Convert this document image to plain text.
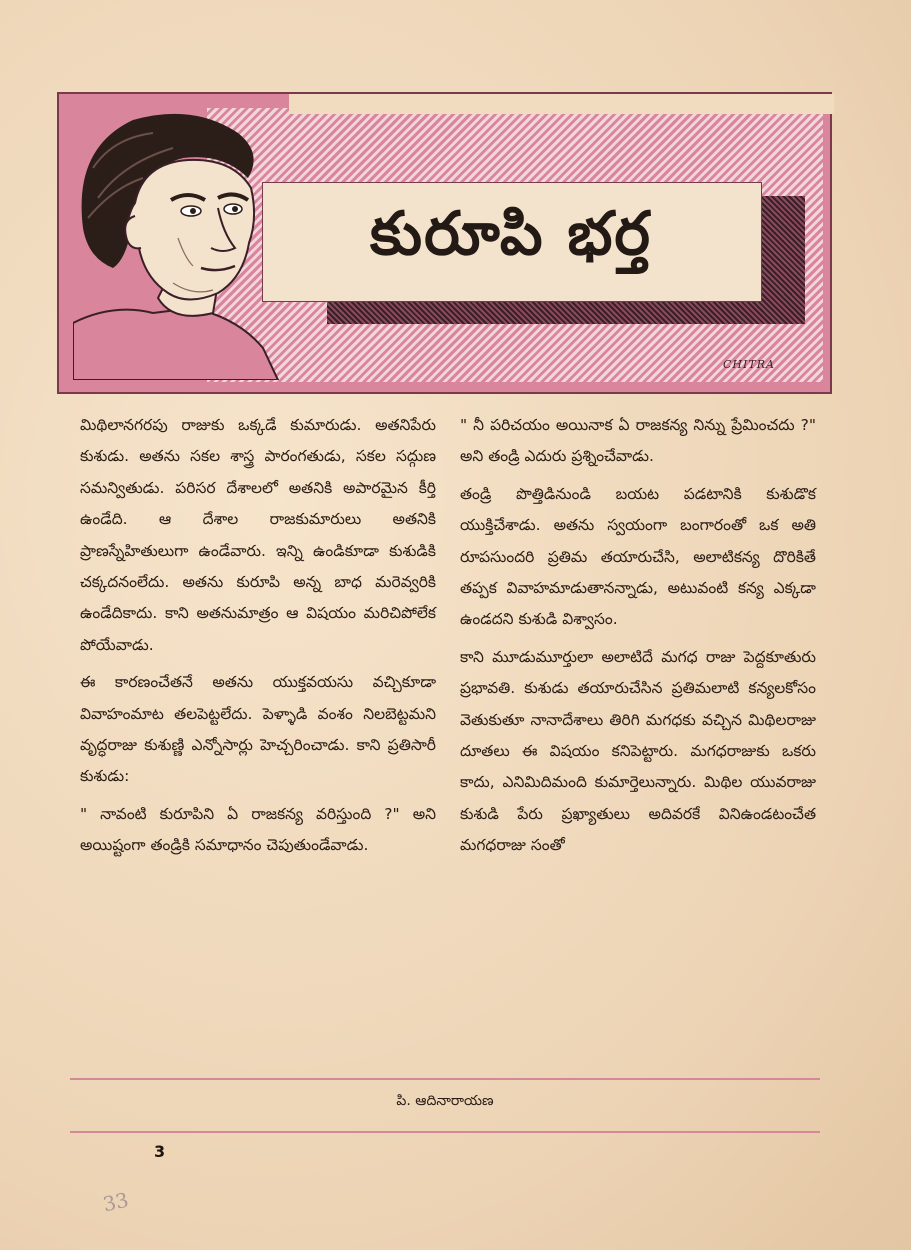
కురూపి భర్త
CHITRA

మిథిలానగరపు రాజుకు ఒక్కడే కుమారుడు. అతనిపేరు కుశుడు. అతను సకల శాస్త్ర పారంగతుడు, సకల సద్గుణ సమన్వితుడు. పరిసర దేశాలలో అతనికి అపారమైన కీర్తి ఉండేది. ఆ దేశాల రాజకుమారులు అతనికి ప్రాణస్నేహితులుగా ఉండేవారు. ఇన్ని ఉండికూడా కుశుడికి చక్కదనంలేదు. అతను కురూపి అన్న బాధ మరెవ్వరికి ఉండేదికాదు. కాని అతనుమాత్రం ఆ విషయం మరిచిపోలేక పోయేవాడు.

ఈ కారణంచేతనే అతను యుక్తవయసు వచ్చికూడా వివాహంమాట తలపెట్టలేదు. పెళ్ళాడి వంశం నిలబెట్టమని వృద్ధరాజు కుశుణ్ణి ఎన్నోసార్లు హెచ్చరించాడు. కాని ప్రతిసారీ కుశుడు:

" నావంటి కురూపిని ఏ రాజకన్య వరిస్తుంది ?" అని అయిష్టంగా తండ్రికి సమాధానం చెపుతుండేవాడు.

" నీ పరిచయం అయినాక ఏ రాజకన్య నిన్ను ప్రేమించదు ?" అని తండ్రి ఎదురు ప్రశ్నించేవాడు.

తండ్రి పొత్తిడినుండి బయట పడటానికి కుశుడొక యుక్తిచేశాడు. అతను స్వయంగా బంగారంతో ఒక అతి రూపసుందరి ప్రతిమ తయారుచేసి, అలాటికన్య దొరికితే తప్పక వివాహమాడుతానన్నాడు, అటువంటి కన్య ఎక్కడా ఉండదని కుశుడి విశ్వాసం.

కాని మూడుమూర్తులా అలాటిదే మగధ రాజు పెద్దకూతురు ప్రభావతి. కుశుడు తయారుచేసిన ప్రతిమలాటి కన్యలకోసం వెతుకుతూ నానాదేశాలు తిరిగి మగధకు వచ్చిన మిథిలరాజు దూతలు ఈ విషయం కనిపెట్టారు. మగధరాజుకు ఒకరు కాదు, ఎనిమిదిమంది కుమార్తెలున్నారు. మిథిల యువరాజు కుశుడి పేరు ప్రఖ్యాతులు అదివరకే వినిఉండటంచేత మగధరాజు సంతో

పి. ఆదినారాయణ
3
33
